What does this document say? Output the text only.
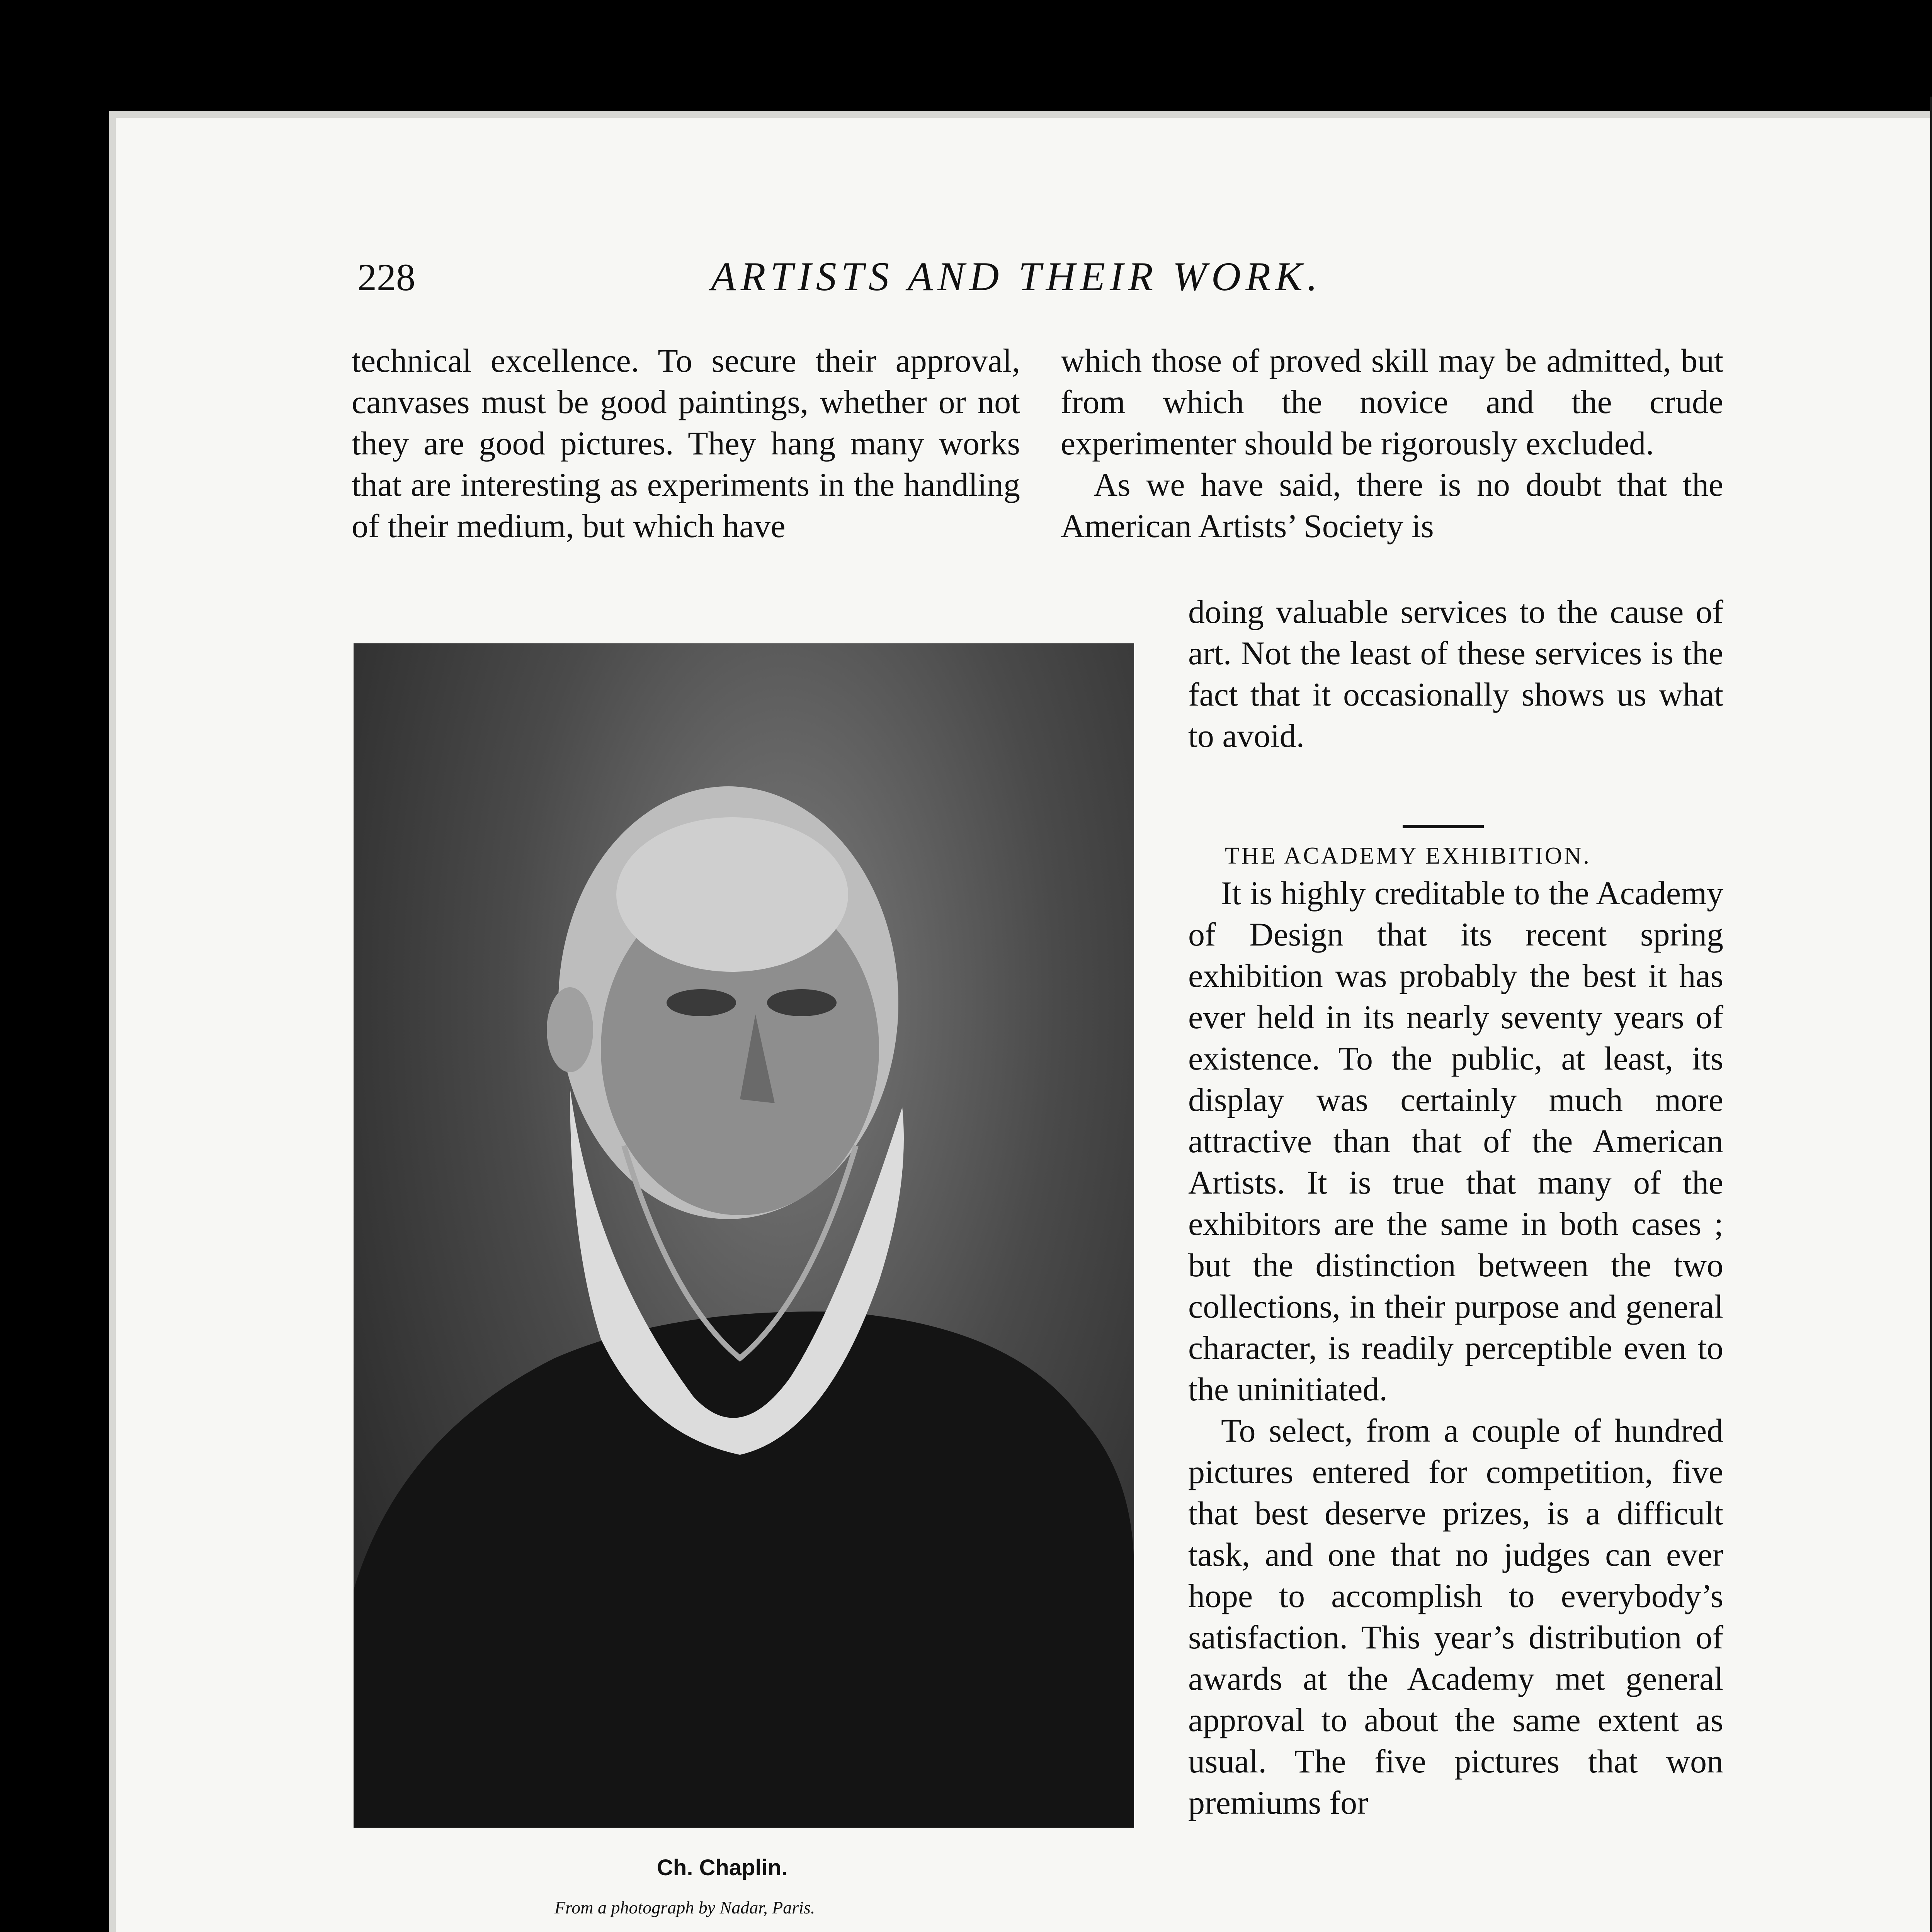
228	ARTISTS AND THEIR WORK.

technical excellence. To secure their approval, canvases must be good paintings, whether or not they are good pictures. They hang many works that are interesting as experiments in the handling of their medium, but which have

Ch. Chaplin.
From a photograph by Nadar, Paris.

which those of proved skill may be admitted, but from which the novice and the crude experimenter should be rigorously excluded.

As we have said, there is no doubt that the American Artists’ Society is

doing valuable services to the cause of art. Not the least of these services is the fact that it occasionally shows us what to avoid.

It is highly creditable to the Academy of Design that its recent spring exhibition was probably the best it has ever held in its nearly seventy years of existence. To the public, at least, its display was certainly much more attractive than that of the American Artists. It is true that many of the exhibitors are the same in both cases ; but the distinction between the two collections, in their purpose and general character, is readily perceptible even to the uninitiated.

To select, from a couple of hundred pictures entered for competition, five that best deserve prizes, is a difficult task, and one that no judges can ever hope to accomplish to everybody’s satisfaction. This year’s distribution of awards at the Academy met general approval to about the same extent as usual. The five pictures that won premiums for

THE ACADEMY EXHIBITION.
